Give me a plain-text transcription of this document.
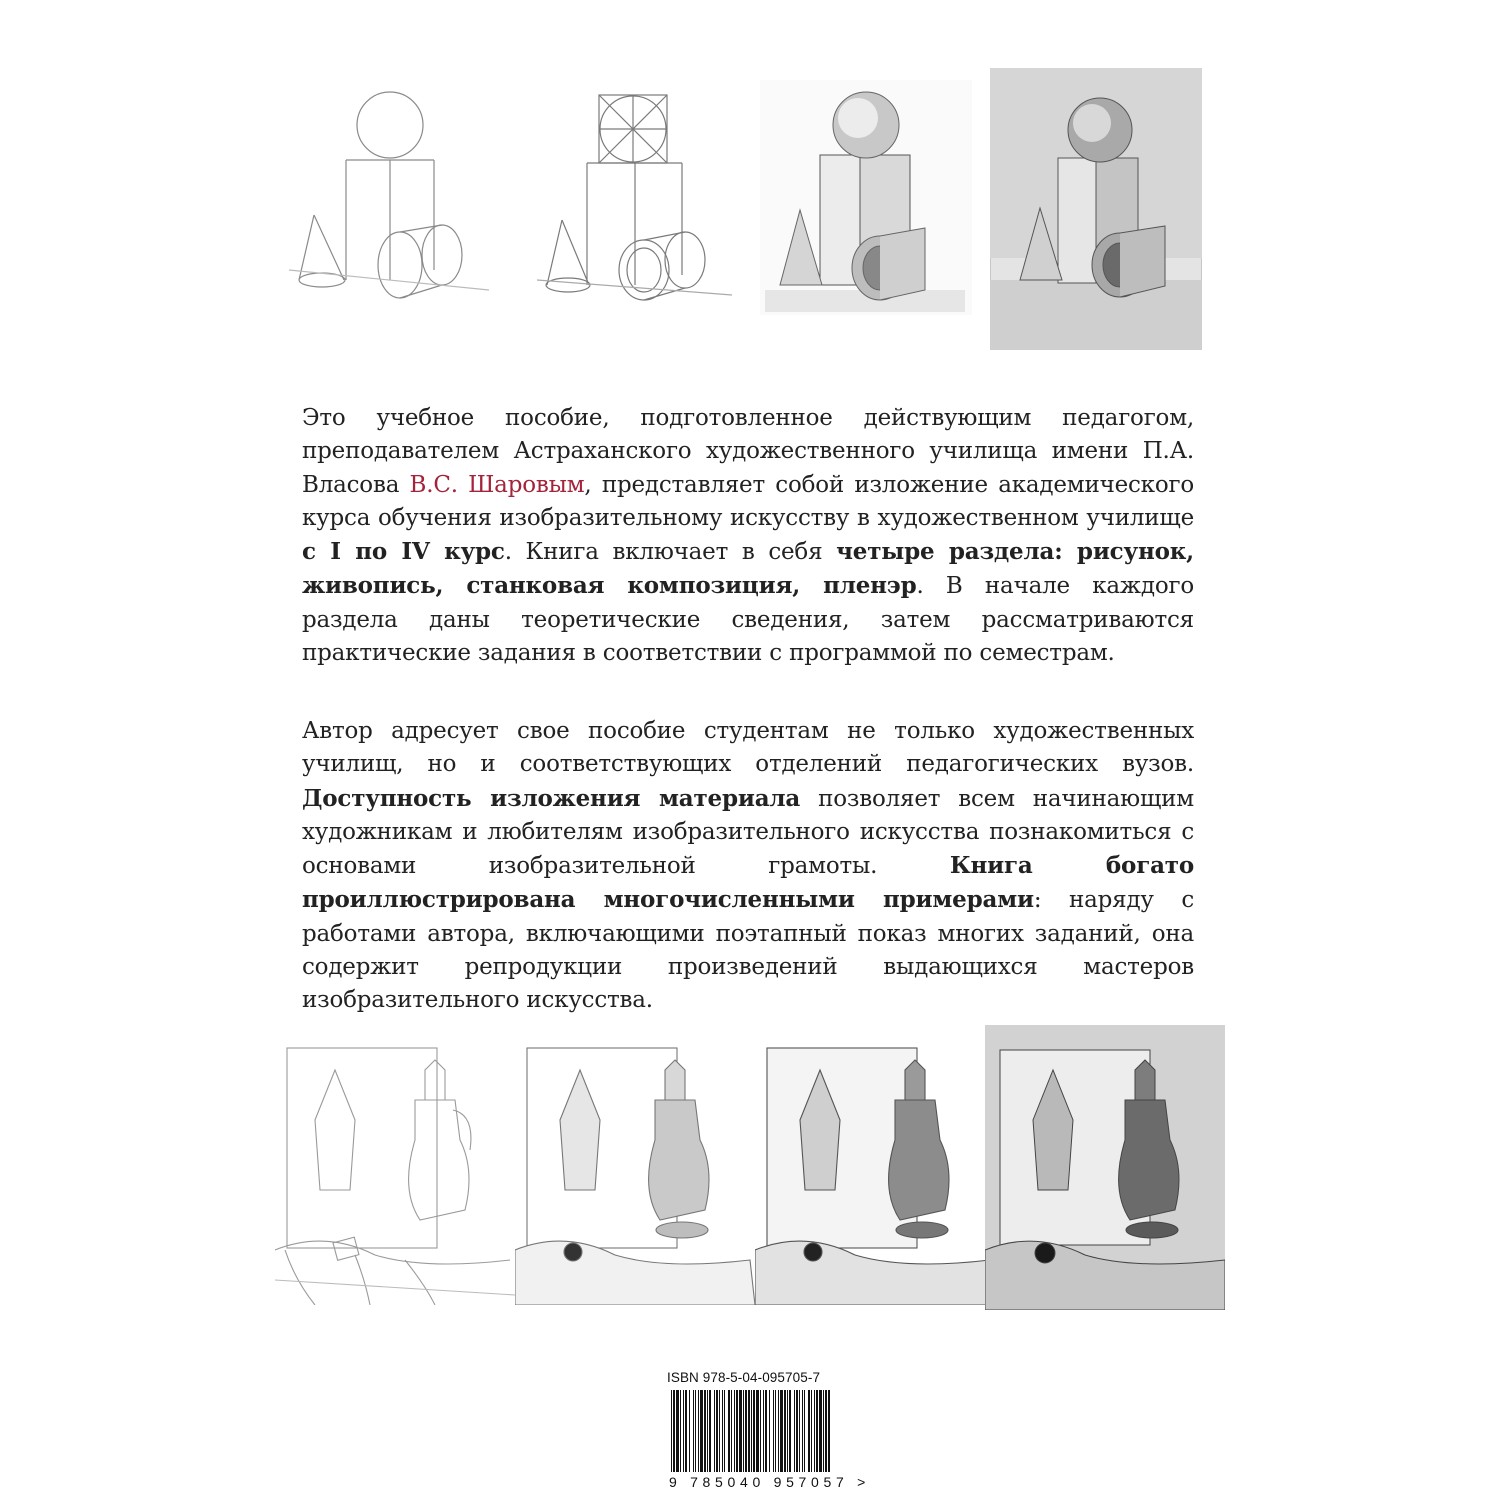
Это учебное пособие, подготовленное действующим педагогом, преподавателем Астраханского художественного училища имени П.А. Власова В.С. Шаровым, представляет собой изложение академического курса обучения изобразительному искусству в художественном училище с I по IV курс. Книга включает в себя четыре раздела: рисунок, живопись, станковая композиция, пленэр. В начале каждого раздела даны теоретические сведения, затем рассматриваются практические задания в соответствии с программой по семестрам.

Автор адресует свое пособие студентам не только художественных училищ, но и соответствующих отделений педагогических вузов. Доступность изложения материала позволяет всем начинающим художникам и любителям изобразительного искусства познакомиться с основами изобразительной грамоты. Книга богато проиллюстрирована многочисленными примерами: наряду с работами автора, включающими поэтапный показ многих заданий, она содержит репродукции произведений выдающихся мастеров изобразительного искусства.

ISBN 978-5-04-095705-7
9 785040 957057 >
